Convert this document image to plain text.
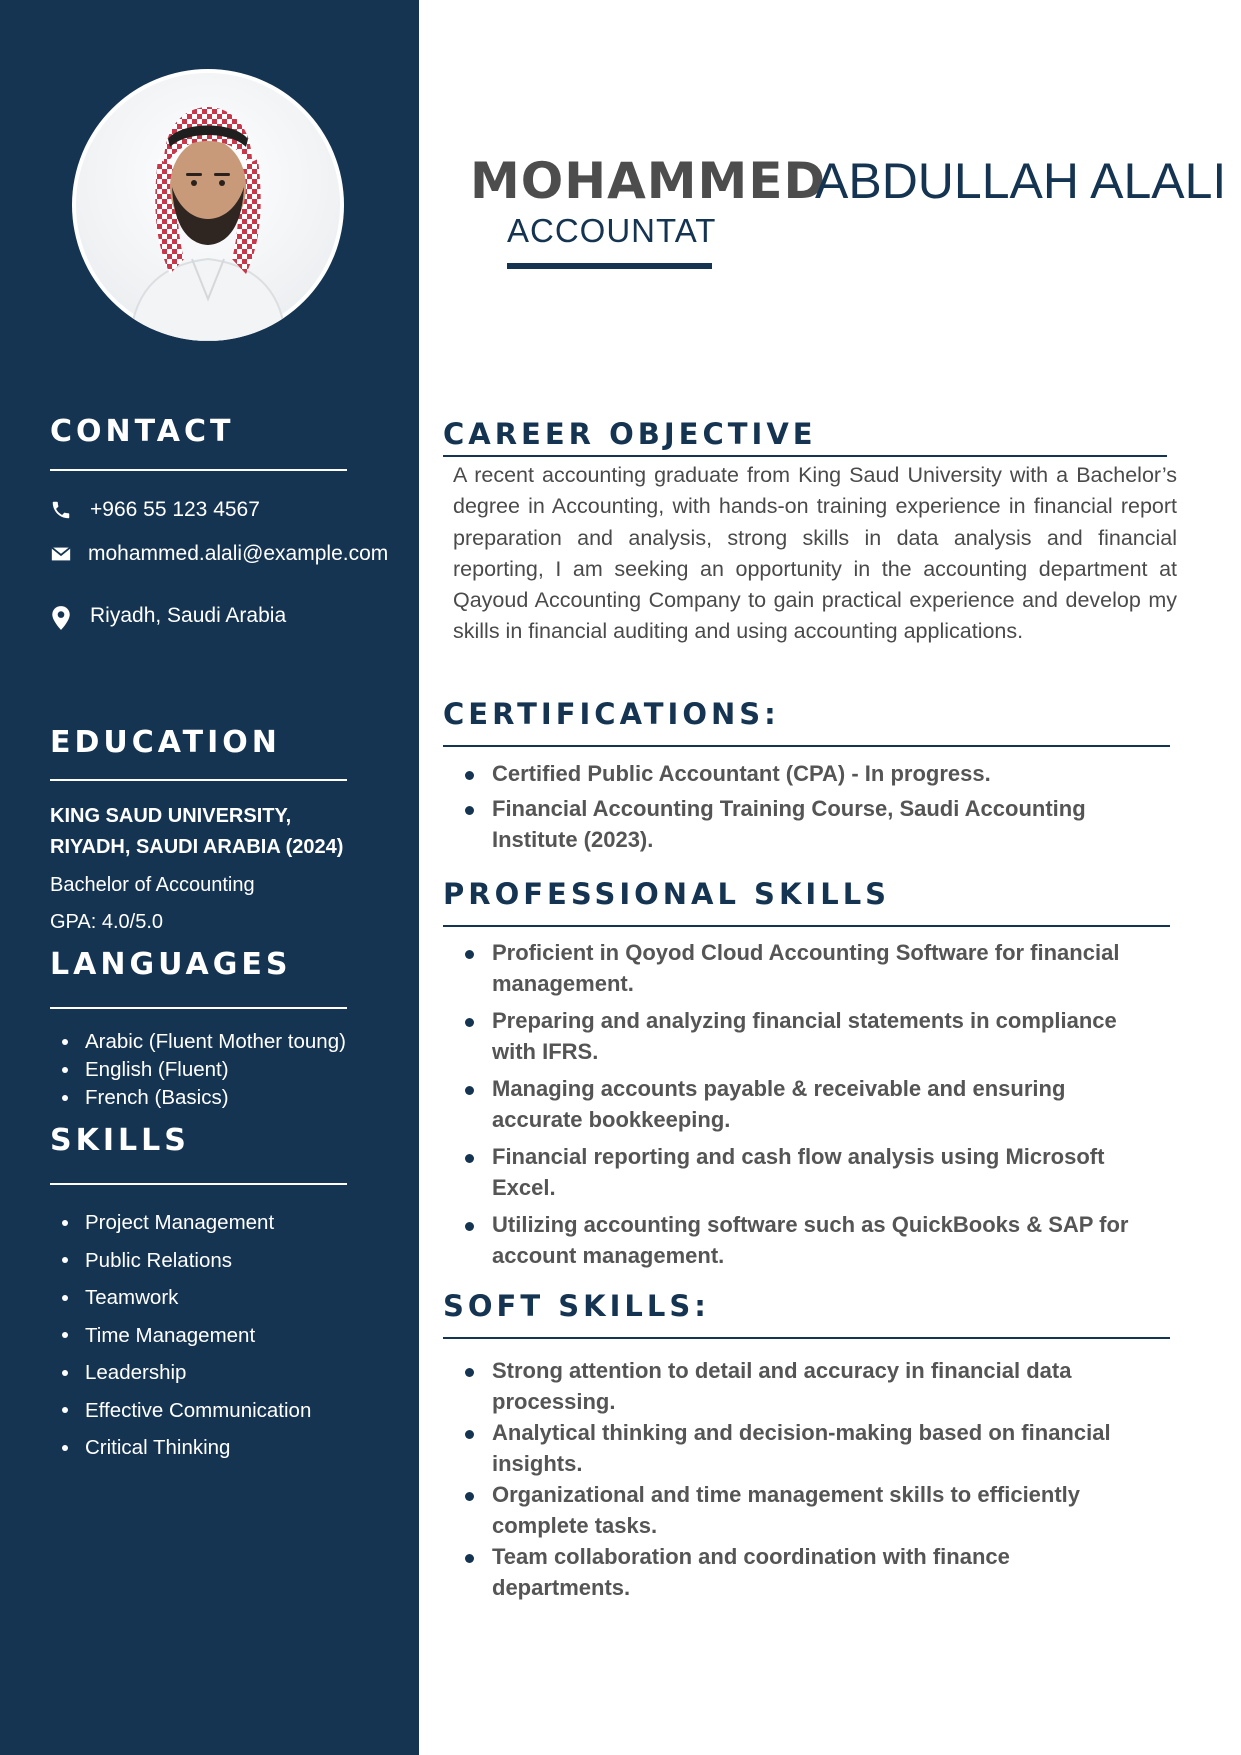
CONTACT
+966 55 123 4567
mohammed.alali@example.com
Riyadh, Saudi Arabia
EDUCATION
KING SAUD UNIVERSITY,
RIYADH, SAUDI ARABIA (2024)
Bachelor of Accounting
GPA: 4.0/5.0
LANGUAGES
Arabic (Fluent Mother toung)
English (Fluent)
French (Basics)
SKILLS
Project Management
Public Relations
Teamwork
Time Management
Leadership
Effective Communication
Critical Thinking
MOHAMMED
ABDULLAH ALALI
ACCOUNTAT
CAREER OBJECTIVE
A recent accounting graduate from King Saud University with a Bachelor’s degree in Accounting, with hands-on training experience in financial report preparation and analysis, strong skills in data analysis and financial reporting, I am seeking an opportunity in the accounting department at Qayoud Accounting Company to gain practical experience and develop my skills in financial auditing and using accounting applications.
CERTIFICATIONS:
Certified Public Accountant (CPA) - In progress.
Financial Accounting Training Course, Saudi Accounting Institute (2023).
PROFESSIONAL SKILLS
Proficient in Qoyod Cloud Accounting Software for financial management.
Preparing and analyzing financial statements in compliance with IFRS.
Managing accounts payable & receivable and ensuring accurate bookkeeping.
Financial reporting and cash flow analysis using Microsoft Excel.
Utilizing accounting software such as QuickBooks & SAP for account management.
SOFT SKILLS:
Strong attention to detail and accuracy in financial data processing.
Analytical thinking and decision-making based on financial insights.
Organizational and time management skills to efficiently complete tasks.
Team collaboration and coordination with finance departments.
